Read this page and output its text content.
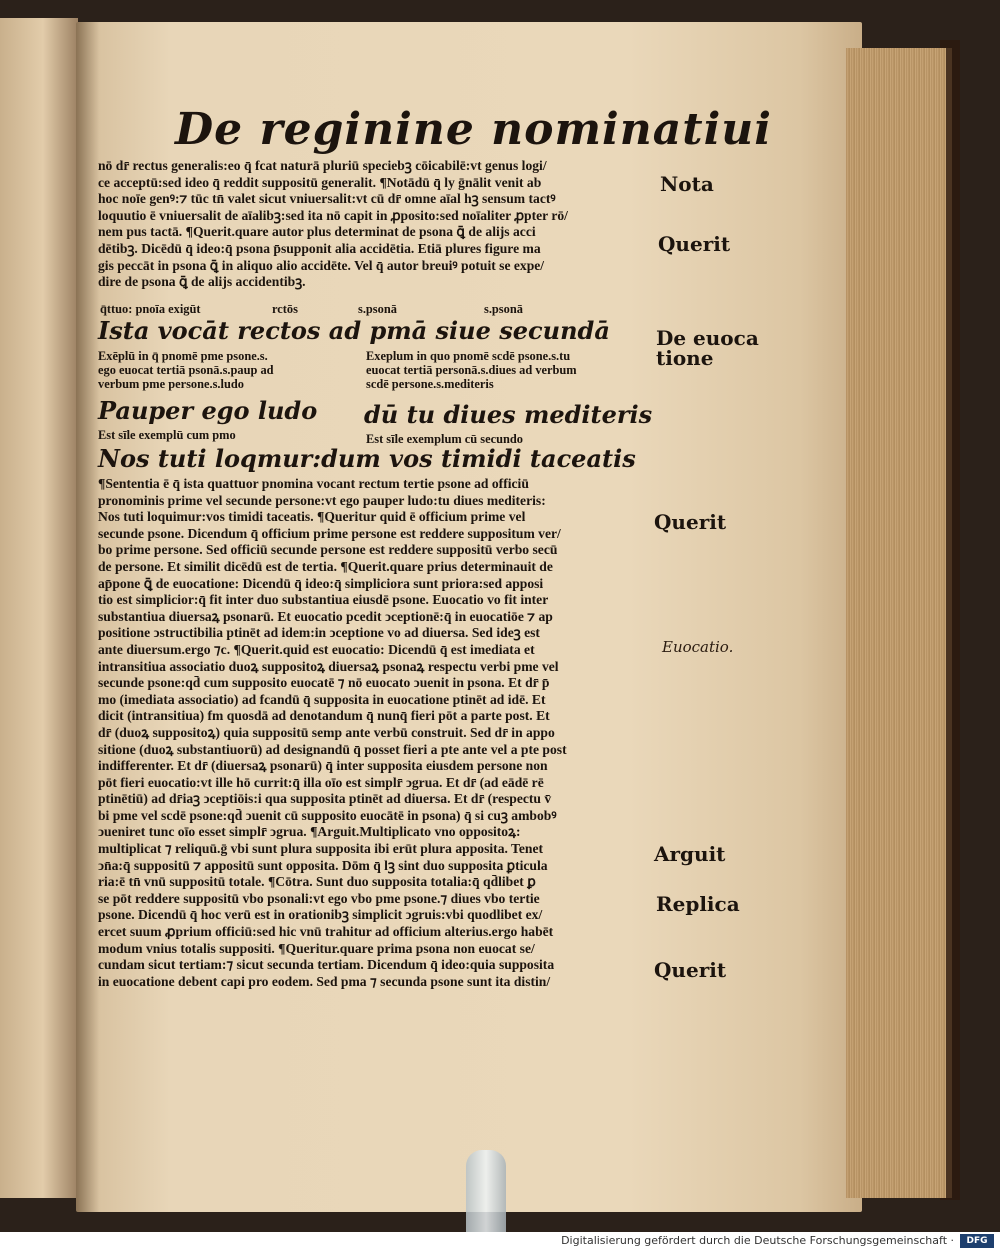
De reginine nominatiui

nō dr̄ rectus generalis:eo q̄ fcat naturā pluriū speciebꝫ cōicabilē:vt genus logi/

ce acceptū:sed ideo q̄ reddit suppositū generalit. ¶Notādū q̄ ly ḡnālit venit ab

hoc noīe genꝰ:⁊ tūc tn̄ valet sicut vniuersalit:vt cū dr̄ omne aīal hꝫ sensum tactꝰ

loquutio ē vniuersalit de aīalibꝫ:sed ita nō capit in ꝓposito:sed noīaliter ꝓpter rō/

nem pus tactā. ¶Querit.quare autor plus determinat de psona ꝗ̄ de alijs acci

dētibꝫ. Dicēdū q̄ ideo:q̄ psona p̄supponit alia accidētia. Etiā plures figure ma

gis peccāt in psona ꝗ̄ in aliquo alio accidēte. Vel q̄ autor breuiꝰ potuit se expe/

dire de psona ꝗ̄ de alijs accidentibꝫ.

q̄ttuo: pnoīa exigūt	rctōs	s.psonā	s.psonā
Ista vocāt rectos ad pmā siue secundā
Exēplū in q̄ pnomē pme psone.s.
ego euocat tertiā psonā.s.paup ad
verbum pme persone.s.ludo
Exeplum in quo pnomē scdē psone.s.tu
euocat tertiā personā.s.diues ad verbum
scdē persone.s.mediteris
Pauper ego ludo dū tu diues mediteris
Est sīle exemplū cum pmo	Est sīle exemplum cū secundo
Nos tuti loqmur:dum vos timidi taceatis

¶Sententia ē q̄ ista quattuor pnomina vocant rectum tertie psone ad officiū

pronominis prime vel secunde persone:vt ego pauper ludo:tu diues mediteris:

Nos tuti loquimur:vos timidi taceatis. ¶Queritur quid ē officium prime vel

secunde psone. Dicendum q̄ officium prime persone est reddere suppositum ver/

bo prime persone. Sed officiū secunde persone est reddere suppositū verbo secū

de persone. Et similit dicēdū est de tertia. ¶Querit.quare prius determinauit de

ap̄pone ꝗ̄ de euocatione: Dicendū q̄ ideo:q̄ simpliciora sunt priora:sed apposi

tio est simplicior:q̄ fit inter duo substantiua eiusdē psone. Euocatio vo fit inter

substantiua diuersaꝝ psonarū. Et euocatio pcedit ↄceptionē:q̄ in euocatiōe ⁊ ap

positione ↄstructibilia ptinēt ad idem:in ↄceptione vo ad diuersa. Sed ideꝫ est

ante diuersum.ergo ⁊c. ¶Querit.quid est euocatio: Dicendū q̄ est imediata et

intransitiua associatio duoꝝ suppositoꝝ diuersaꝝ psonaꝝ respectu verbi pme vel

secunde psone:qd̄ cum supposito euocatē ⁊ nō euocato ↄuenit in psona. Et dr̄ p̄

mo (imediata associatio) ad fcandū q̄ supposita in euocatione ptinēt ad idē. Et

dicit (intransitiua) fm quosdā ad denotandum q̄ nunq̄ fieri pōt a parte post. Et

dr̄ (duoꝝ suppositoꝝ) quia suppositū semp ante verbū construit. Sed dr̄ in appo

sitione (duoꝝ substantiuorū) ad designandū q̄ posset fieri a pte ante vel a pte post

indifferenter. Et dr̄ (diuersaꝝ psonarū) q̄ inter supposita eiusdem persone non

pōt fieri euocatio:vt ille hō currit:q̄ illa oīo est simplr̄ ↄgrua. Et dr̄ (ad eādē rē

ptinētiū) ad dr̄iaꝫ ↄceptiōis:i qua supposita ptinēt ad diuersa. Et dr̄ (respectu v̄

bi pme vel scdē psone:qd̄ ↄuenit cū supposito euocātē in psona) q̄ si cuꝫ ambobꝰ

ↄueniret tunc oīo esset simplr̄ ↄgrua. ¶Arguit.Multiplicato vno oppositoꝝ:

multiplicat ⁊ reliquū.ḡ vbi sunt plura supposita ibi erūt plura apposita. Tenet

ↄn̄a:q̄ suppositū ⁊ appositū sunt opposita. Dōm q̄ lꝫ sint duo supposita ꝑticula

ria:ē tn̄ vnū suppositū totale. ¶Cōtra. Sunt duo supposita totalia:q̄ qd̄libet ꝑ

se pōt reddere suppositū vbo psonali:vt ego vbo pme psone.⁊ diues vbo tertie

psone. Dicendū q̄ hoc verū est in orationibꝫ simplicit ↄgruis:vbi quodlibet ex/

ercet suum ꝓprium officiū:sed hic vnū trahitur ad officium alterius.ergo habēt

modum vnius totalis suppositi. ¶Queritur.quare prima psona non euocat se/

cundam sicut tertiam:⁊ sicut secunda tertiam. Dicendum q̄ ideo:quia supposita

in euocatione debent capi pro eodem. Sed pma ⁊ secunda psone sunt ita distin/

Nota
Querit
De euoca
tione
Querit
Euocatio.
Arguit
Replica
Querit
Digitalisierung gefördert durch die Deutsche Forschungsgemeinschaft ·	DFG
